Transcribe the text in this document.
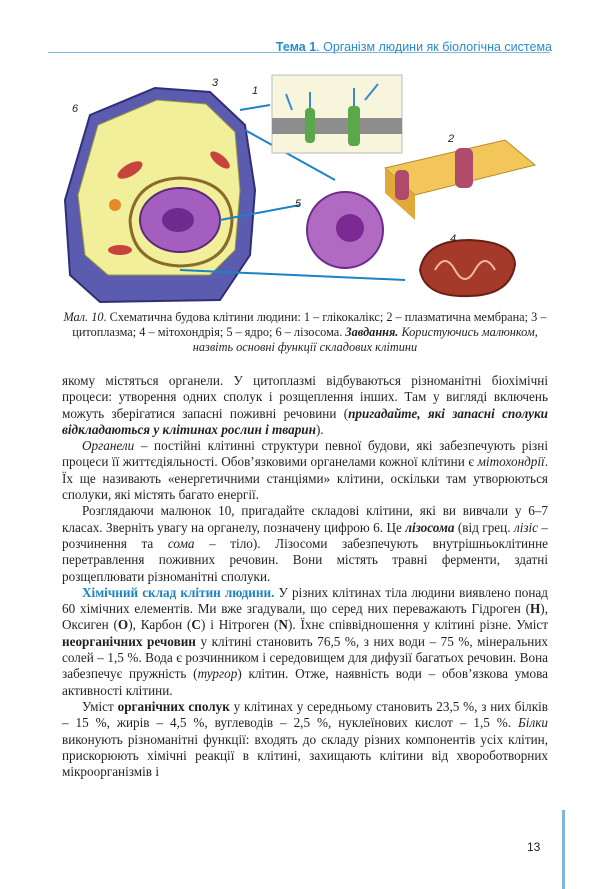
Тема 1. Організм людини як біологічна система
6
3
1
2
5
4
Мал. 10. Схематична будова клітини людини: 1 – глікокалікс; 2 – плазматична мембрана; 3 – цитоплазма; 4 – мітохондрія; 5 – ядро; 6 – лізосома. Завдання. Користуючись малюнком, назвіть основні функції складових клітини

якому містяться органели. У цитоплазмі відбуваються різноманітні біохімічні процеси: утворення одних сполук і розщеплення інших. Там у вигляді включень можуть зберігатися запасні поживні речовини (пригадайте, які запасні сполуки відкладаються у клітинах рослин і тварин).

Органели – постійні клітинні структури певної будови, які забезпечують різні процеси її життєдіяльності. Обов’язковими органелами кожної клітини є мітохондрії. Їх ще називають «енергетичними станціями» клітини, оскільки там утворюються сполуки, які містять багато енергії.

Розглядаючи малюнок 10, пригадайте складові клітини, які ви вивчали у 6–7 класах. Зверніть увагу на органелу, позначену цифрою 6. Це лізосома (від грец. лізіс – розчинення та сома – тіло). Лізосоми забезпечують внутрішньоклітинне перетравлення поживних речовин. Вони містять травні ферменти, здатні розщеплювати різноманітні сполуки.

Хімічний склад клітин людини. У різних клітинах тіла людини виявлено понад 60 хімічних елементів. Ми вже згадували, що серед них переважають Гідроген (H), Оксиген (O), Карбон (C) і Нітроген (N). Їхнє співвідношення у клітині різне. Уміст неорганічних речовин у клітині становить 76,5 %, з них води – 75 %, мінеральних солей – 1,5 %. Вода є розчинником і середовищем для дифузії багатьох речовин. Вона забезпечує пружність (тургор) клітин. Отже, наявність води – обов’язкова умова активності клітини.

Уміст органічних сполук у клітинах у середньому становить 23,5 %, з них білків – 15 %, жирів – 4,5 %, вуглеводів – 2,5 %, нуклеїнових кислот – 1,5 %. Білки виконують різноманітні функції: входять до складу різних компонентів усіх клітин, прискорюють хімічні реакції в клітині, захищають клітини від хвороботворних мікроорганізмів і

13
